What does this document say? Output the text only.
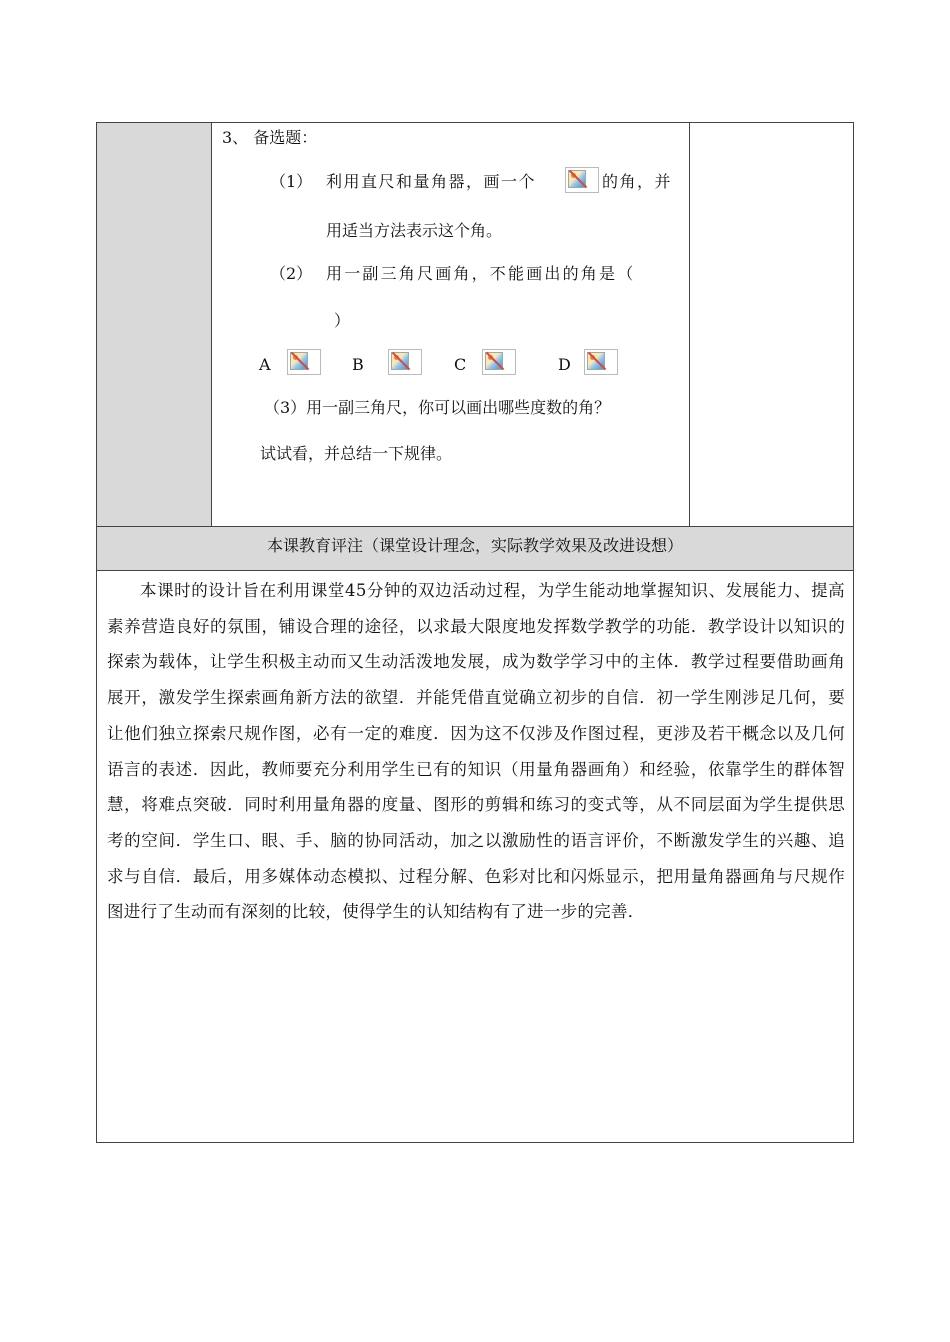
3、 备选题：
（1） 利用直尺和量角器，画一个	的角，并
用适当方法表示这个角。
（2） 用一副三角尺画角，不能画出的角是（
）
A	B	C	D
（3）用一副三角尺，你可以画出哪些度数的角？
试试看，并总结一下规律。
本课教育评注（课堂设计理念，实际教学效果及改进设想）

本课时的设计旨在利用课堂45分钟的双边活动过程，为学生能动地掌握知识、发展能力、提高素养营造良好的氛围，铺设合理的途径，以求最大限度地发挥数学教学的功能．教学设计以知识的探索为载体，让学生积极主动而又生动活泼地发展，成为数学学习中的主体．教学过程要借助画角展开，激发学生探索画角新方法的欲望．并能凭借直觉确立初步的自信．初一学生刚涉足几何，要让他们独立探索尺规作图，必有一定的难度．因为这不仅涉及作图过程，更涉及若干概念以及几何语言的表述．因此，教师要充分利用学生已有的知识（用量角器画角）和经验，依靠学生的群体智慧，将难点突破．同时利用量角器的度量、图形的剪辑和练习的变式等，从不同层面为学生提供思考的空间．学生口、眼、手、脑的协同活动，加之以激励性的语言评价，不断激发学生的兴趣、追求与自信．最后，用多媒体动态模拟、过程分解、色彩对比和闪烁显示，把用量角器画角与尺规作图进行了生动而有深刻的比较，使得学生的认知结构有了进一步的完善．
